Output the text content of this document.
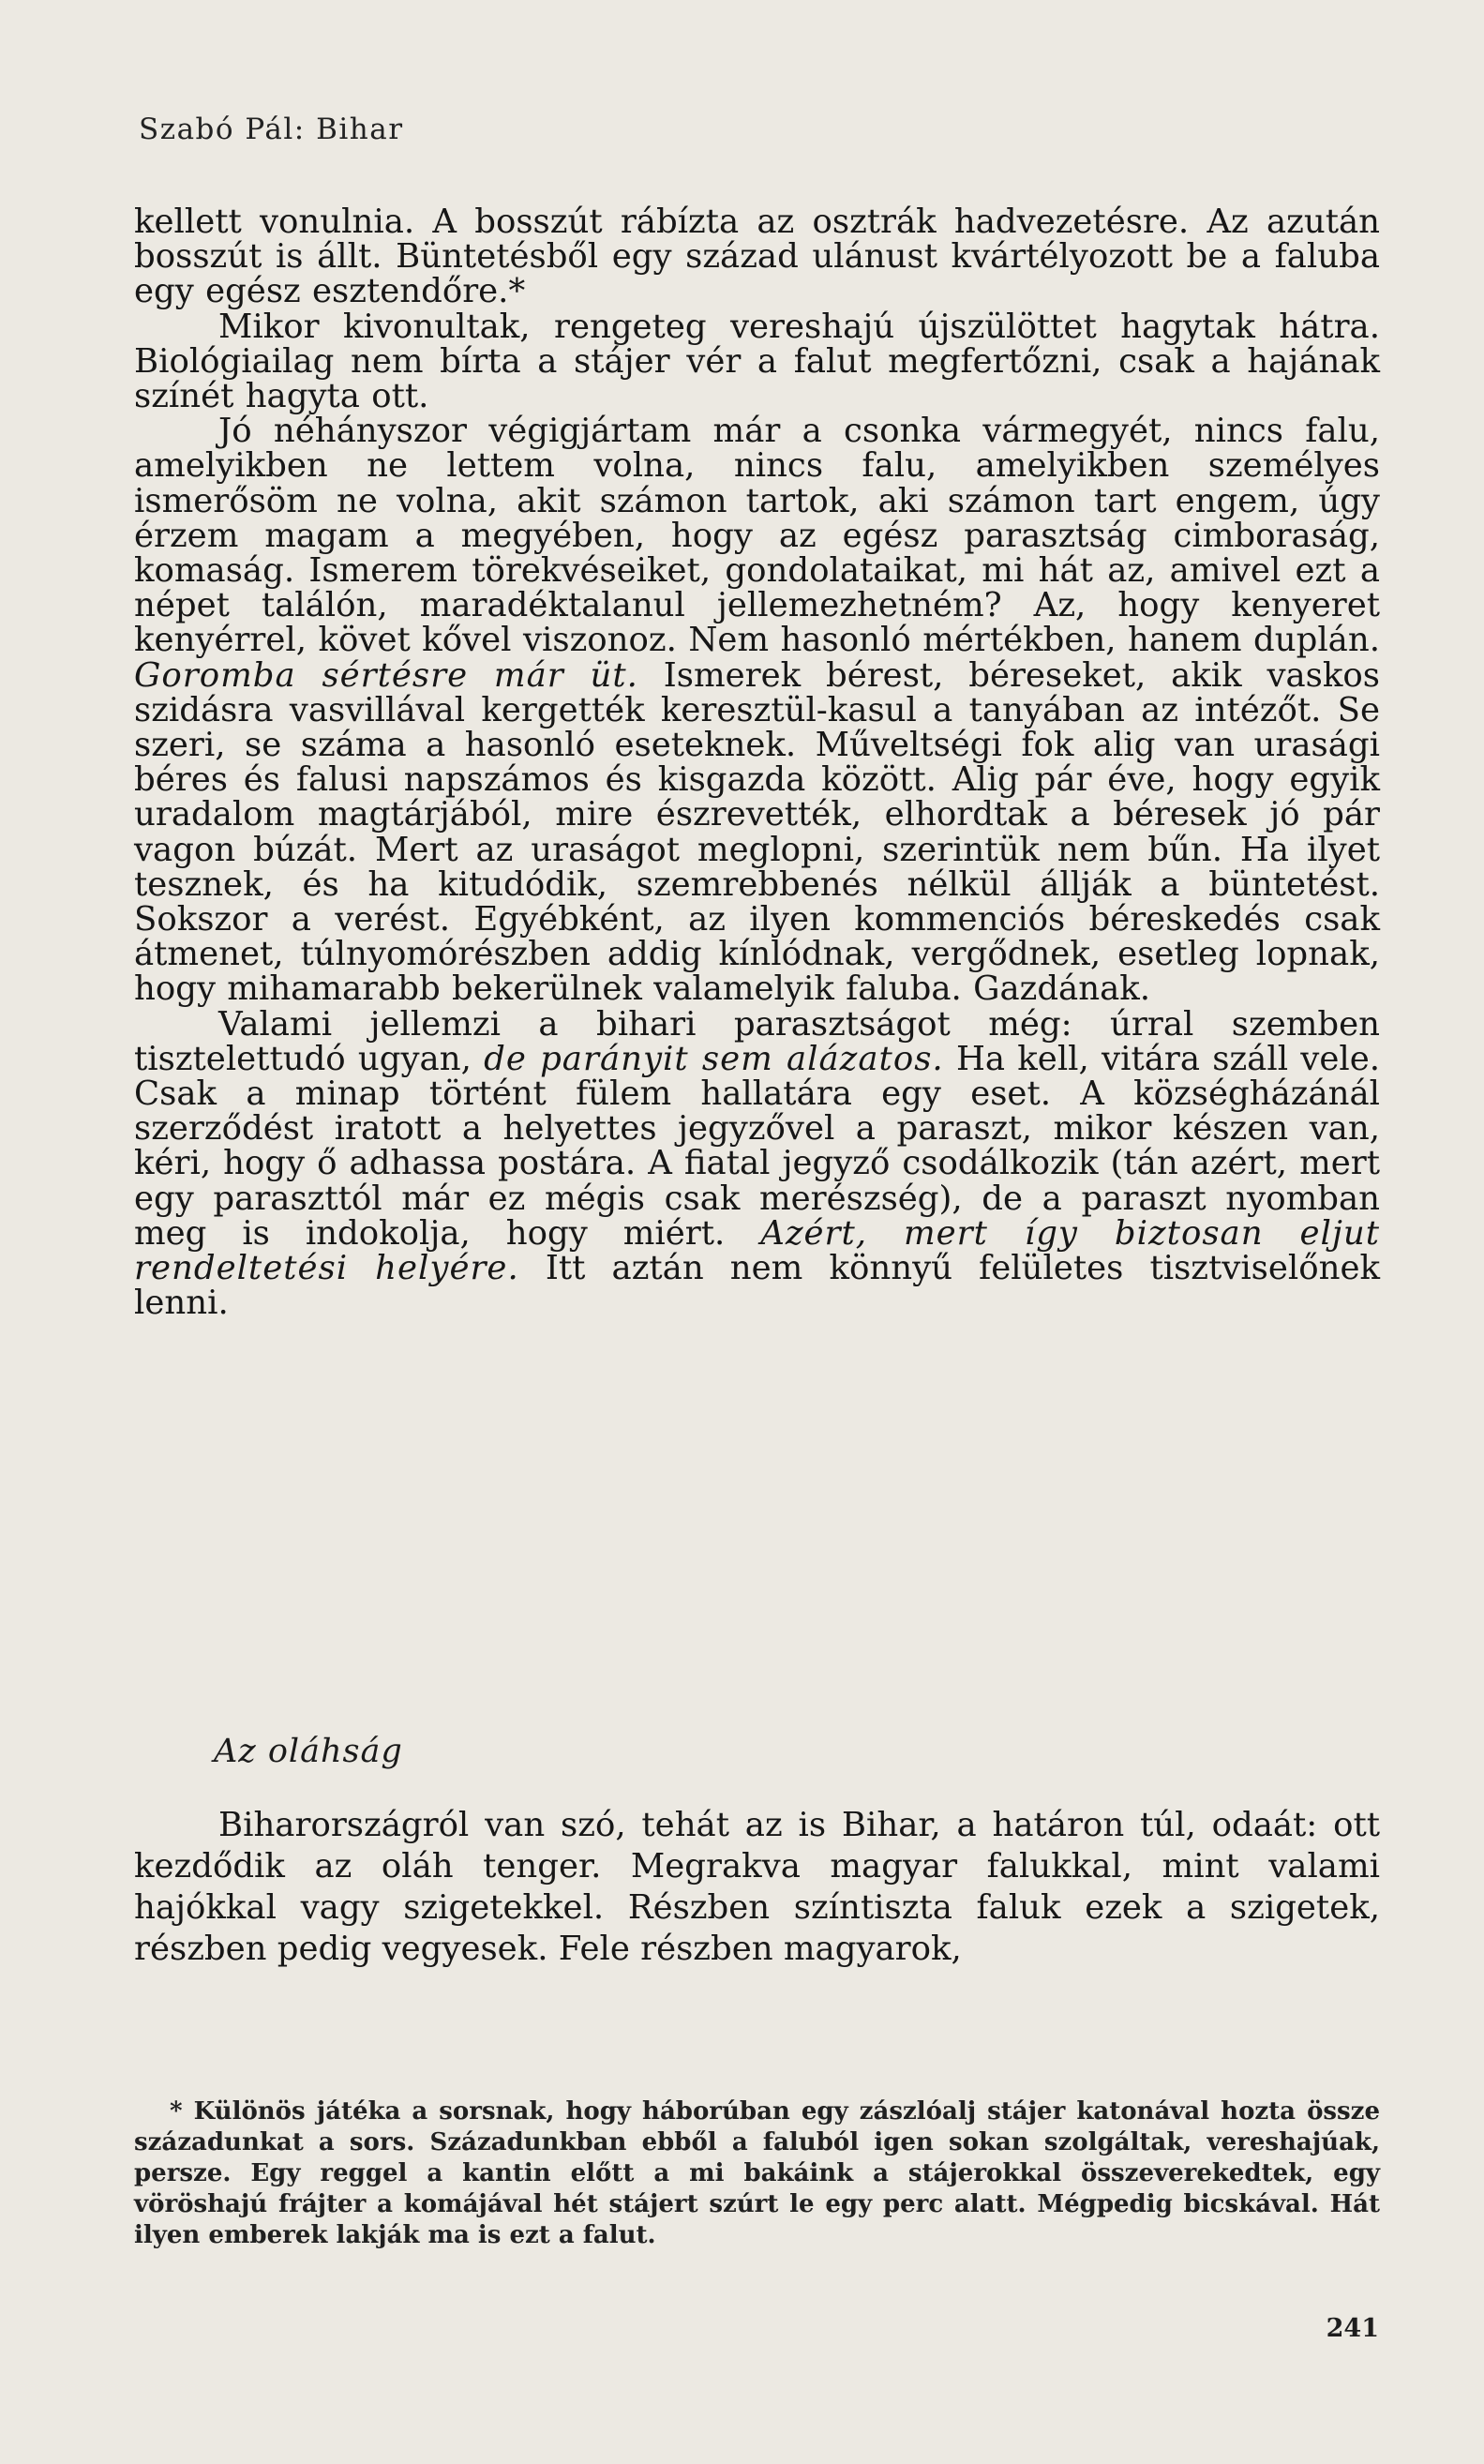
Szabó Pál: Bihar

kellett vonulnia. A bosszút rábízta az osztrák hadvezetésre. Az azután bosszút is állt. Büntetésből egy század ulánust kvártélyozott be a faluba egy egész esztendőre.*

Mikor kivonultak, rengeteg vereshajú újszülöttet hagytak hátra. Biológiailag nem bírta a stájer vér a falut megfertőzni, csak a hajának színét hagyta ott.

Jó néhányszor végigjártam már a csonka vármegyét, nincs falu, amelyikben ne lettem volna, nincs falu, amelyikben személyes ismerősöm ne volna, akit számon tartok, aki számon tart engem, úgy érzem magam a megyében, hogy az egész parasztság cimboraság, komaság. Ismerem törekvéseiket, gondolataikat, mi hát az, amivel ezt a népet találón, maradéktalanul jellemezhetném? Az, hogy kenyeret kenyérrel, követ kővel viszonoz. Nem hasonló mértékben, hanem duplán. Goromba sértésre már üt. Ismerek bérest, béreseket, akik vaskos szidásra vasvillával kergették keresztül-kasul a tanyában az intézőt. Se szeri, se száma a hasonló eseteknek. Műveltségi fok alig van urasági béres és falusi napszámos és kisgazda között. Alig pár éve, hogy egyik uradalom magtárjából, mire észrevették, elhordtak a béresek jó pár vagon búzát. Mert az uraságot meglopni, szerintük nem bűn. Ha ilyet tesznek, és ha kitudódik, szemrebbenés nélkül állják a büntetést. Sokszor a verést. Egyébként, az ilyen kommenciós béreskedés csak átmenet, túlnyomórészben addig kínlódnak, vergődnek, esetleg lopnak, hogy mihamarabb bekerülnek valamelyik faluba. Gazdának.

Valami jellemzi a bihari parasztságot még: úrral szemben tisztelettudó ugyan, de parányit sem alázatos. Ha kell, vitára száll vele. Csak a minap történt fülem hallatára egy eset. A községházánál szerződést iratott a helyettes jegyzővel a paraszt, mikor készen van, kéri, hogy ő adhassa postára. A fiatal jegyző csodálkozik (tán azért, mert egy paraszttól már ez mégis csak merészség), de a paraszt nyomban meg is indokolja, hogy miért. Azért, mert így biztosan eljut rendeltetési helyére. Itt aztán nem könnyű felületes tisztviselőnek lenni.

Az oláhság

Biharországról van szó, tehát az is Bihar, a határon túl, odaát: ott kezdődik az oláh tenger. Megrakva magyar falukkal, mint valami hajókkal vagy szigetekkel. Részben színtiszta faluk ezek a szigetek, részben pedig vegyesek. Fele részben magyarok,

* Különös játéka a sorsnak, hogy háborúban egy zászlóalj stájer katonával hozta össze századunkat a sors. Századunkban ebből a faluból igen sokan szolgáltak, vereshajúak, persze. Egy reggel a kantin előtt a mi bakáink a stájerokkal összeverekedtek, egy vöröshajú frájter a komájával hét stájert szúrt le egy perc alatt. Mégpedig bicskával. Hát ilyen emberek lakják ma is ezt a falut.

241
